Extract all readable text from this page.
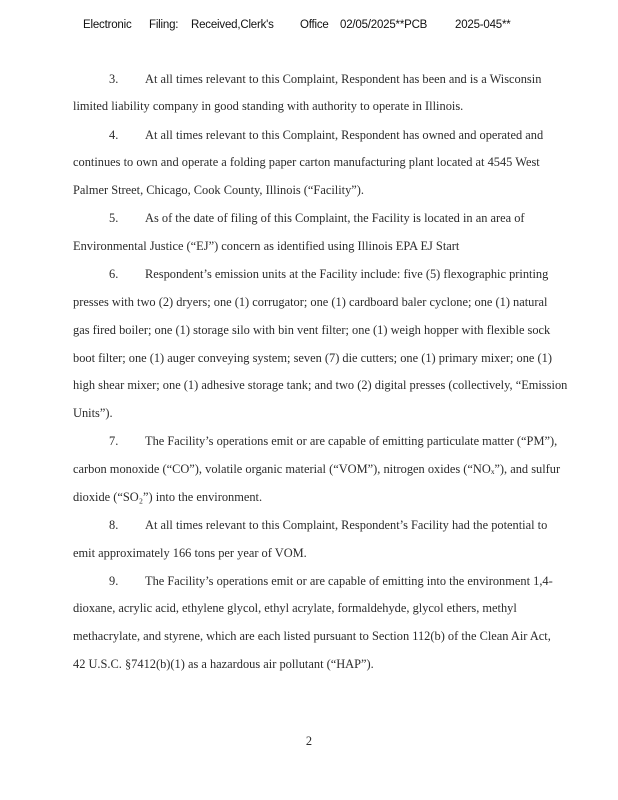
Electronic Filing: Received,Clerk's Office 02/05/2025**PCB 2025-045**
3. At all times relevant to this Complaint, Respondent has been and is a Wisconsin
limited liability company in good standing with authority to operate in Illinois.
4. At all times relevant to this Complaint, Respondent has owned and operated and
continues to own and operate a folding paper carton manufacturing plant located at 4545 West
Palmer Street, Chicago, Cook County, Illinois (“Facility”).
5. As of the date of filing of this Complaint, the Facility is located in an area of
Environmental Justice (“EJ”) concern as identified using Illinois EPA EJ Start
6. Respondent’s emission units at the Facility include: five (5) flexographic printing
presses with two (2) dryers; one (1) corrugator; one (1) cardboard baler cyclone; one (1) natural
gas fired boiler; one (1) storage silo with bin vent filter; one (1) weigh hopper with flexible sock
boot filter; one (1) auger conveying system; seven (7) die cutters; one (1) primary mixer; one (1)
high shear mixer; one (1) adhesive storage tank; and two (2) digital presses (collectively, “Emission
Units”).
7. The Facility’s operations emit or are capable of emitting particulate matter (“PM”),
carbon monoxide (“CO”), volatile organic material (“VOM”), nitrogen oxides (“NOₓ”), and sulfur
dioxide (“SO₂”) into the environment.
8. At all times relevant to this Complaint, Respondent’s Facility had the potential to
emit approximately 166 tons per year of VOM.
9. The Facility’s operations emit or are capable of emitting into the environment 1,4-
dioxane, acrylic acid, ethylene glycol, ethyl acrylate, formaldehyde, glycol ethers, methyl
methacrylate, and styrene, which are each listed pursuant to Section 112(b) of the Clean Air Act,
42 U.S.C. §7412(b)(1) as a hazardous air pollutant (“HAP”).
2
